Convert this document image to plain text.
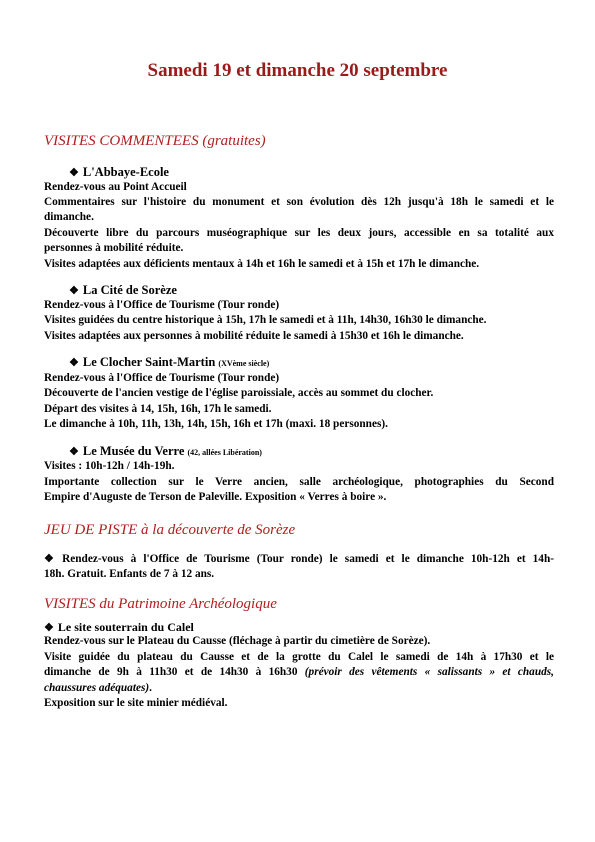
Samedi 19 et dimanche 20 septembre
VISITES COMMENTEES (gratuites)
❖ L'Abbaye-Ecole
Rendez-vous au Point Accueil
Commentaires sur l'histoire du monument et son évolution dès 12h jusqu'à 18h le samedi et le
dimanche.
Découverte libre du parcours muséographique sur les deux jours, accessible en sa totalité aux
personnes à mobilité réduite.
Visites adaptées aux déficients mentaux à 14h et 16h le samedi et à 15h et 17h le dimanche.
❖ La Cité de Sorèze
Rendez-vous à l'Office de Tourisme (Tour ronde)
Visites guidées du centre historique à 15h, 17h le samedi et à 11h, 14h30, 16h30 le dimanche.
Visites adaptées aux personnes à mobilité réduite le samedi à 15h30 et 16h le dimanche.
❖ Le Clocher Saint-Martin (XVème siècle)
Rendez-vous à l'Office de Tourisme (Tour ronde)
Découverte de l'ancien vestige de l'église paroissiale, accès au sommet du clocher.
Départ des visites à 14, 15h, 16h, 17h le samedi.
Le dimanche à 10h, 11h, 13h, 14h, 15h, 16h et 17h (maxi. 18 personnes).
❖ Le Musée du Verre (42, allées Libération)
Visites : 10h-12h / 14h-19h.
Importante collection sur le Verre ancien, salle archéologique, photographies du Second
Empire d'Auguste de Terson de Paleville. Exposition « Verres à boire ».
JEU DE PISTE à la découverte de Sorèze
❖ Rendez-vous à l'Office de Tourisme (Tour ronde) le samedi et le dimanche 10h-12h et 14h-
18h. Gratuit. Enfants de 7 à 12 ans.
VISITES du Patrimoine Archéologique
❖ Le site souterrain du Calel
Rendez-vous sur le Plateau du Causse (fléchage à partir du cimetière de Sorèze).
Visite guidée du plateau du Causse et de la grotte du Calel le samedi de 14h à 17h30 et le
dimanche de 9h à 11h30 et de 14h30 à 16h30 (prévoir des vêtements « salissants » et chauds,
chaussures adéquates).
Exposition sur le site minier médiéval.
